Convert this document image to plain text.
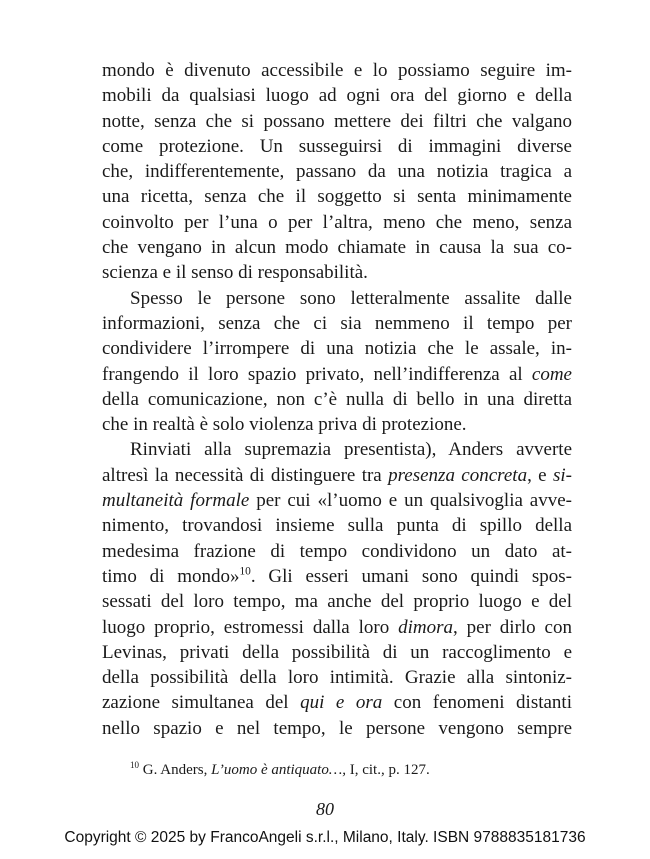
mondo è divenuto accessibile e lo possiamo seguire im-
mobili da qualsiasi luogo ad ogni ora del giorno e della
notte, senza che si possano mettere dei filtri che valgano
come protezione. Un susseguirsi di immagini diverse
che, indifferentemente, passano da una notizia tragica a
una ricetta, senza che il soggetto si senta minimamente
coinvolto per l’una o per l’altra, meno che meno, senza
che vengano in alcun modo chiamate in causa la sua co-
scienza e il senso di responsabilità.
Spesso le persone sono letteralmente assalite dalle
informazioni, senza che ci sia nemmeno il tempo per
condividere l’irrompere di una notizia che le assale, in-
frangendo il loro spazio privato, nell’indifferenza al come
della comunicazione, non c’è nulla di bello in una diretta
che in realtà è solo violenza priva di protezione.
Rinviati alla supremazia presentista), Anders avverte
altresì la necessità di distinguere tra presenza concreta, e si-
multaneità formale per cui «l’uomo e un qualsivoglia avve-
nimento, trovandosi insieme sulla punta di spillo della
medesima frazione di tempo condividono un dato at-
timo di mondo»$^{10}$. Gli esseri umani sono quindi spos-
sessati del loro tempo, ma anche del proprio luogo e del
luogo proprio, estromessi dalla loro dimora, per dirlo con
Levinas, privati della possibilità di un raccoglimento e
della possibilità della loro intimità. Grazie alla sintoniz-
zazione simultanea del qui e ora con fenomeni distanti
nello spazio e nel tempo, le persone vengono sempre
$^{10}$ G. Anders, L’uomo è antiquato…, I, cit., p. 127.
80
Copyright © 2025 by FrancoAngeli s.r.l., Milano, Italy. ISBN 9788835181736
